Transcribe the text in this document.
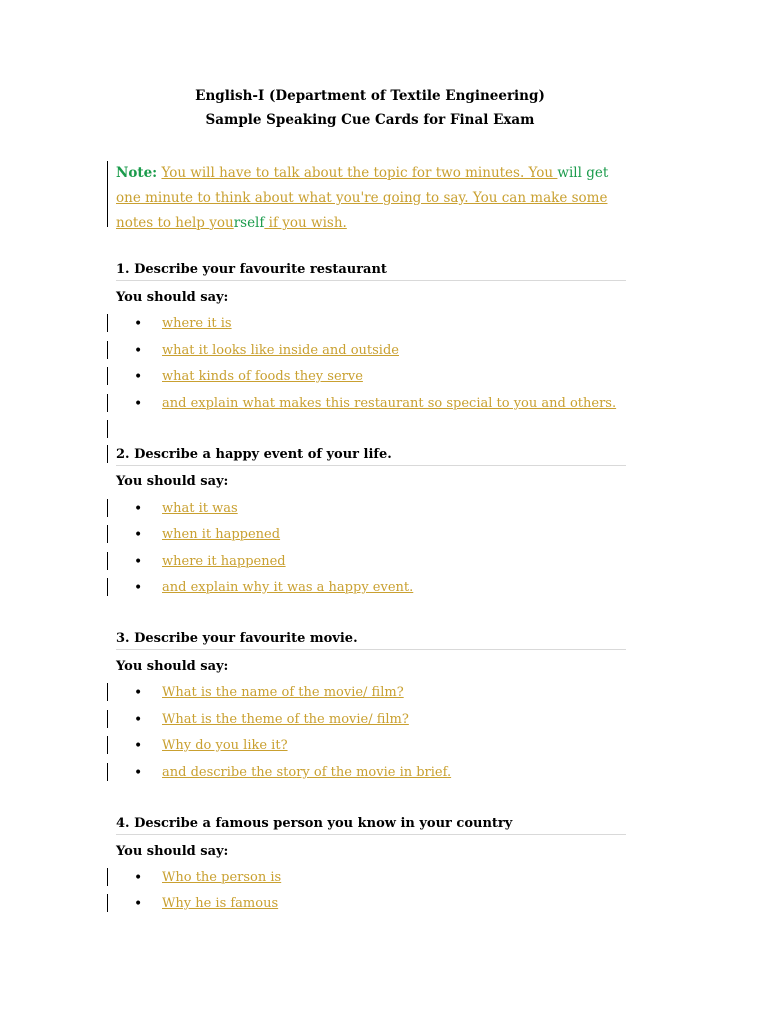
English-I (Department of Textile Engineering)
Sample Speaking Cue Cards for Final Exam
Note: You will have to talk about the topic for two minutes. You will get one minute to think about what you're going to say. You can make some notes to help yourself if you wish.
1. Describe your favourite restaurant
You should say:
• where it is
• what it looks like inside and outside
• what kinds of foods they serve
• and explain what makes this restaurant so special to you and others.
2. Describe a happy event of your life.
You should say:
• what it was
• when it happened
• where it happened
• and explain why it was a happy event.
3. Describe your favourite movie.
You should say:
• What is the name of the movie/ film?
• What is the theme of the movie/ film?
• Why do you like it?
• and describe the story of the movie in brief.
4. Describe a famous person you know in your country
You should say:
• Who the person is
• Why he is famous
